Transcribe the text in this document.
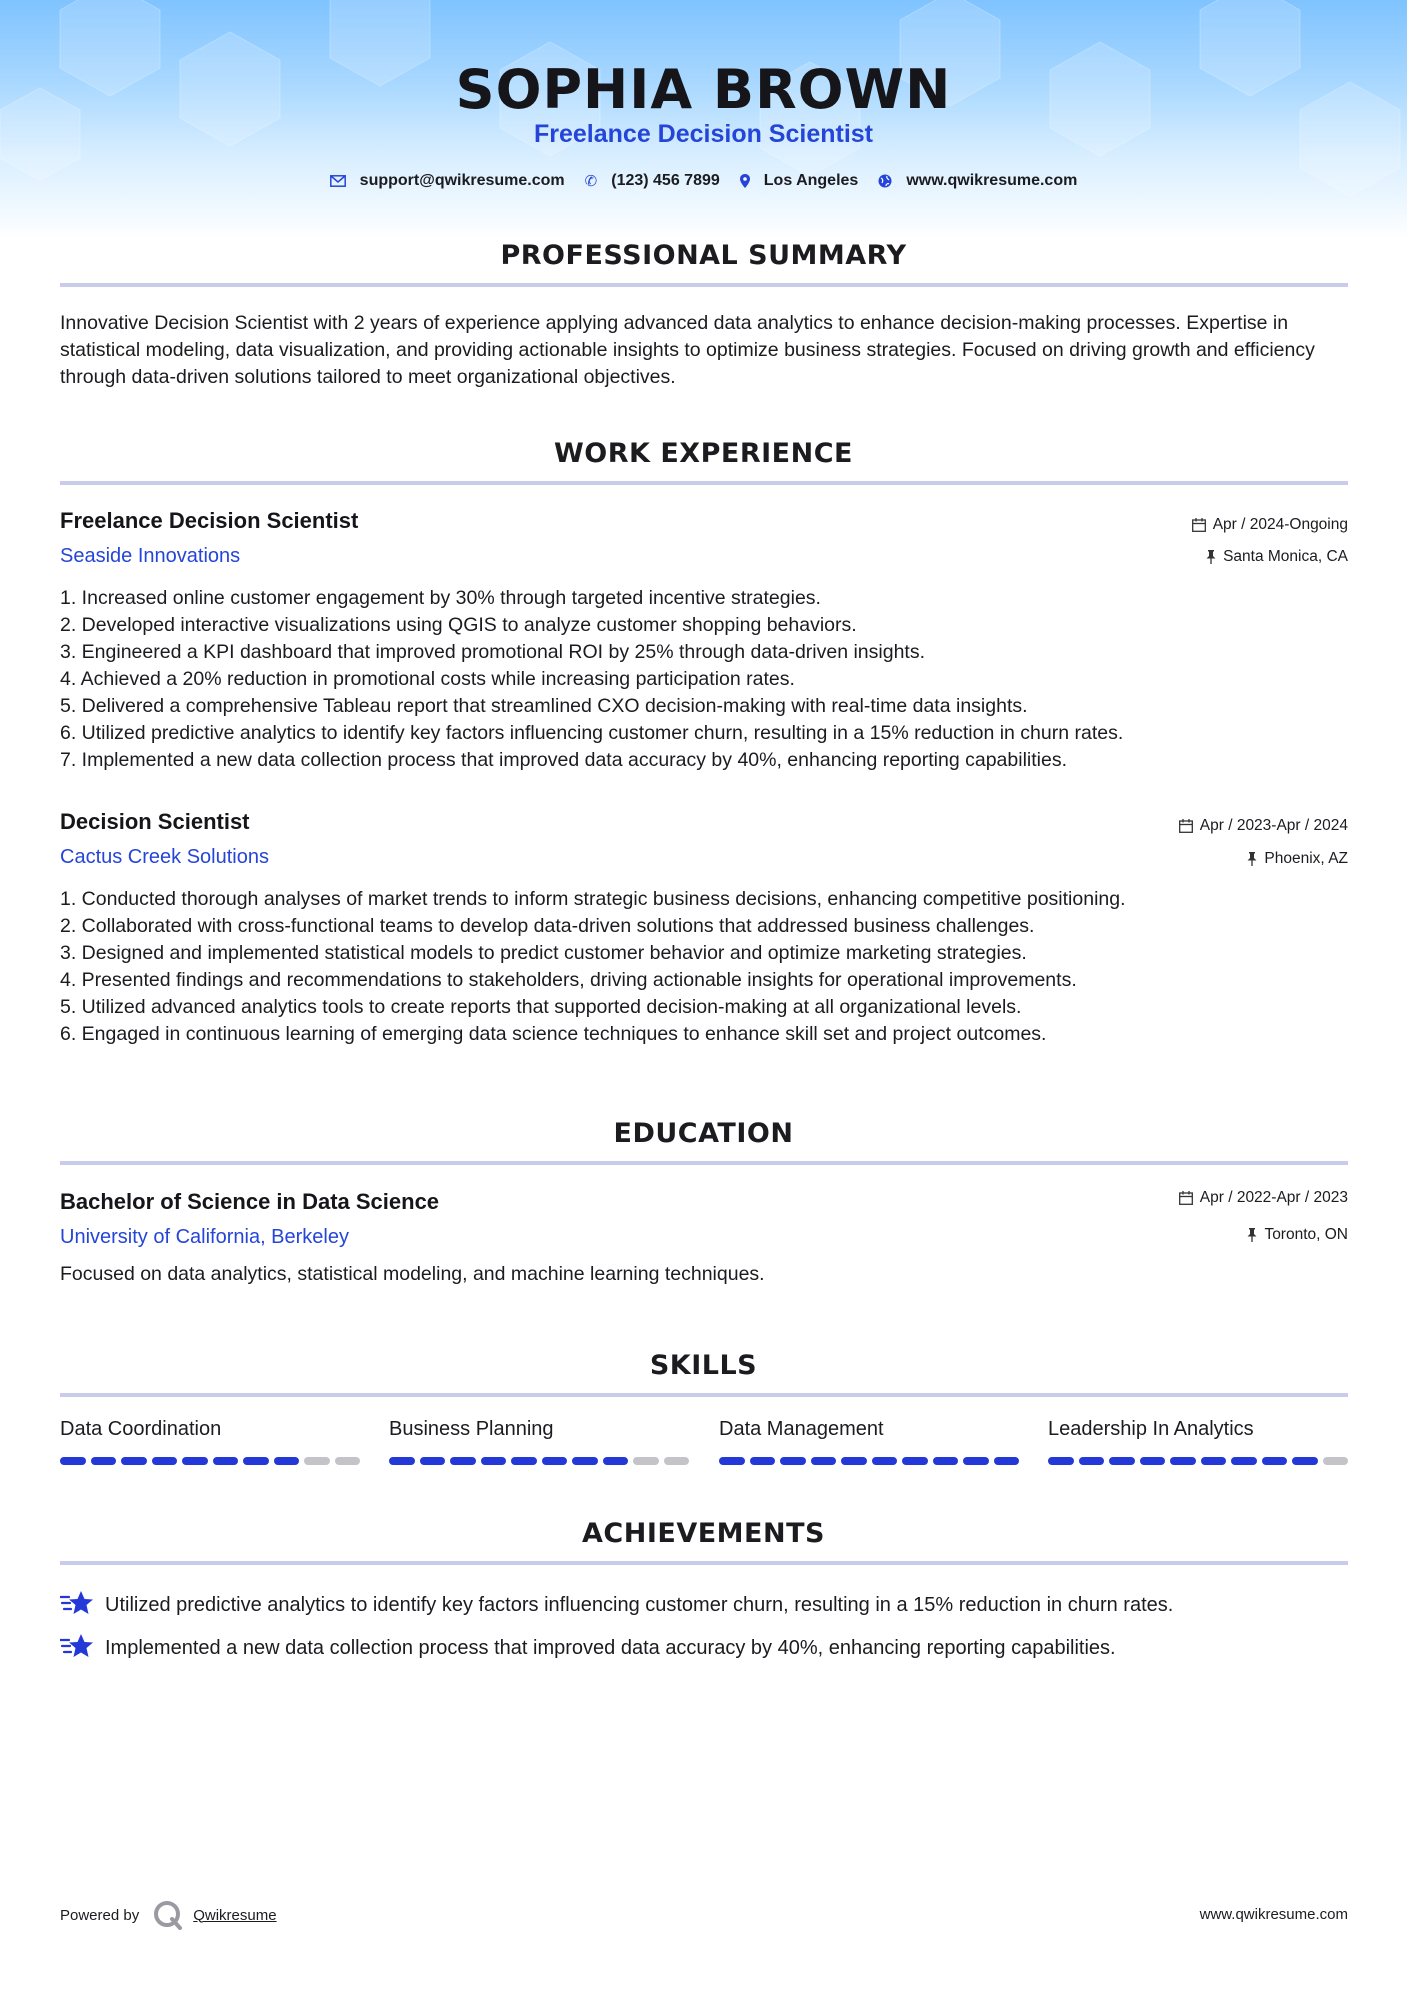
SOPHIA BROWN
Freelance Decision Scientist
support@qwikresume.com ✆ (123) 456 7899	Los Angeles	www.qwikresume.com
PROFESSIONAL SUMMARY
Innovative Decision Scientist with 2 years of experience applying advanced data analytics to enhance decision-making processes. Expertise in statistical modeling, data visualization, and providing actionable insights to optimize business strategies. Focused on driving growth and efficiency through data-driven solutions tailored to meet organizational objectives.
WORK EXPERIENCE
Freelance Decision Scientist
Seaside Innovations
Apr / 2024-Ongoing
Santa Monica, CA
1. Increased online customer engagement by 30% through targeted incentive strategies.
2. Developed interactive visualizations using QGIS to analyze customer shopping behaviors.
3. Engineered a KPI dashboard that improved promotional ROI by 25% through data-driven insights.
4. Achieved a 20% reduction in promotional costs while increasing participation rates.
5. Delivered a comprehensive Tableau report that streamlined CXO decision-making with real-time data insights.
6. Utilized predictive analytics to identify key factors influencing customer churn, resulting in a 15% reduction in churn rates.
7. Implemented a new data collection process that improved data accuracy by 40%, enhancing reporting capabilities.
Decision Scientist
Cactus Creek Solutions
Apr / 2023-Apr / 2024
Phoenix, AZ
1. Conducted thorough analyses of market trends to inform strategic business decisions, enhancing competitive positioning.
2. Collaborated with cross-functional teams to develop data-driven solutions that addressed business challenges.
3. Designed and implemented statistical models to predict customer behavior and optimize marketing strategies.
4. Presented findings and recommendations to stakeholders, driving actionable insights for operational improvements.
5. Utilized advanced analytics tools to create reports that supported decision-making at all organizational levels.
6. Engaged in continuous learning of emerging data science techniques to enhance skill set and project outcomes.
EDUCATION
Bachelor of Science in Data Science
University of California, Berkeley
Apr / 2022-Apr / 2023
Toronto, ON
Focused on data analytics, statistical modeling, and machine learning techniques.
SKILLS
Data Coordination	Business Planning	Data Management	Leadership In Analytics
ACHIEVEMENTS
Utilized predictive analytics to identify key factors influencing customer churn, resulting in a 15% reduction in churn rates.
Implemented a new data collection process that improved data accuracy by 40%, enhancing reporting capabilities.
Powered by	Qwikresume	www.qwikresume.com
